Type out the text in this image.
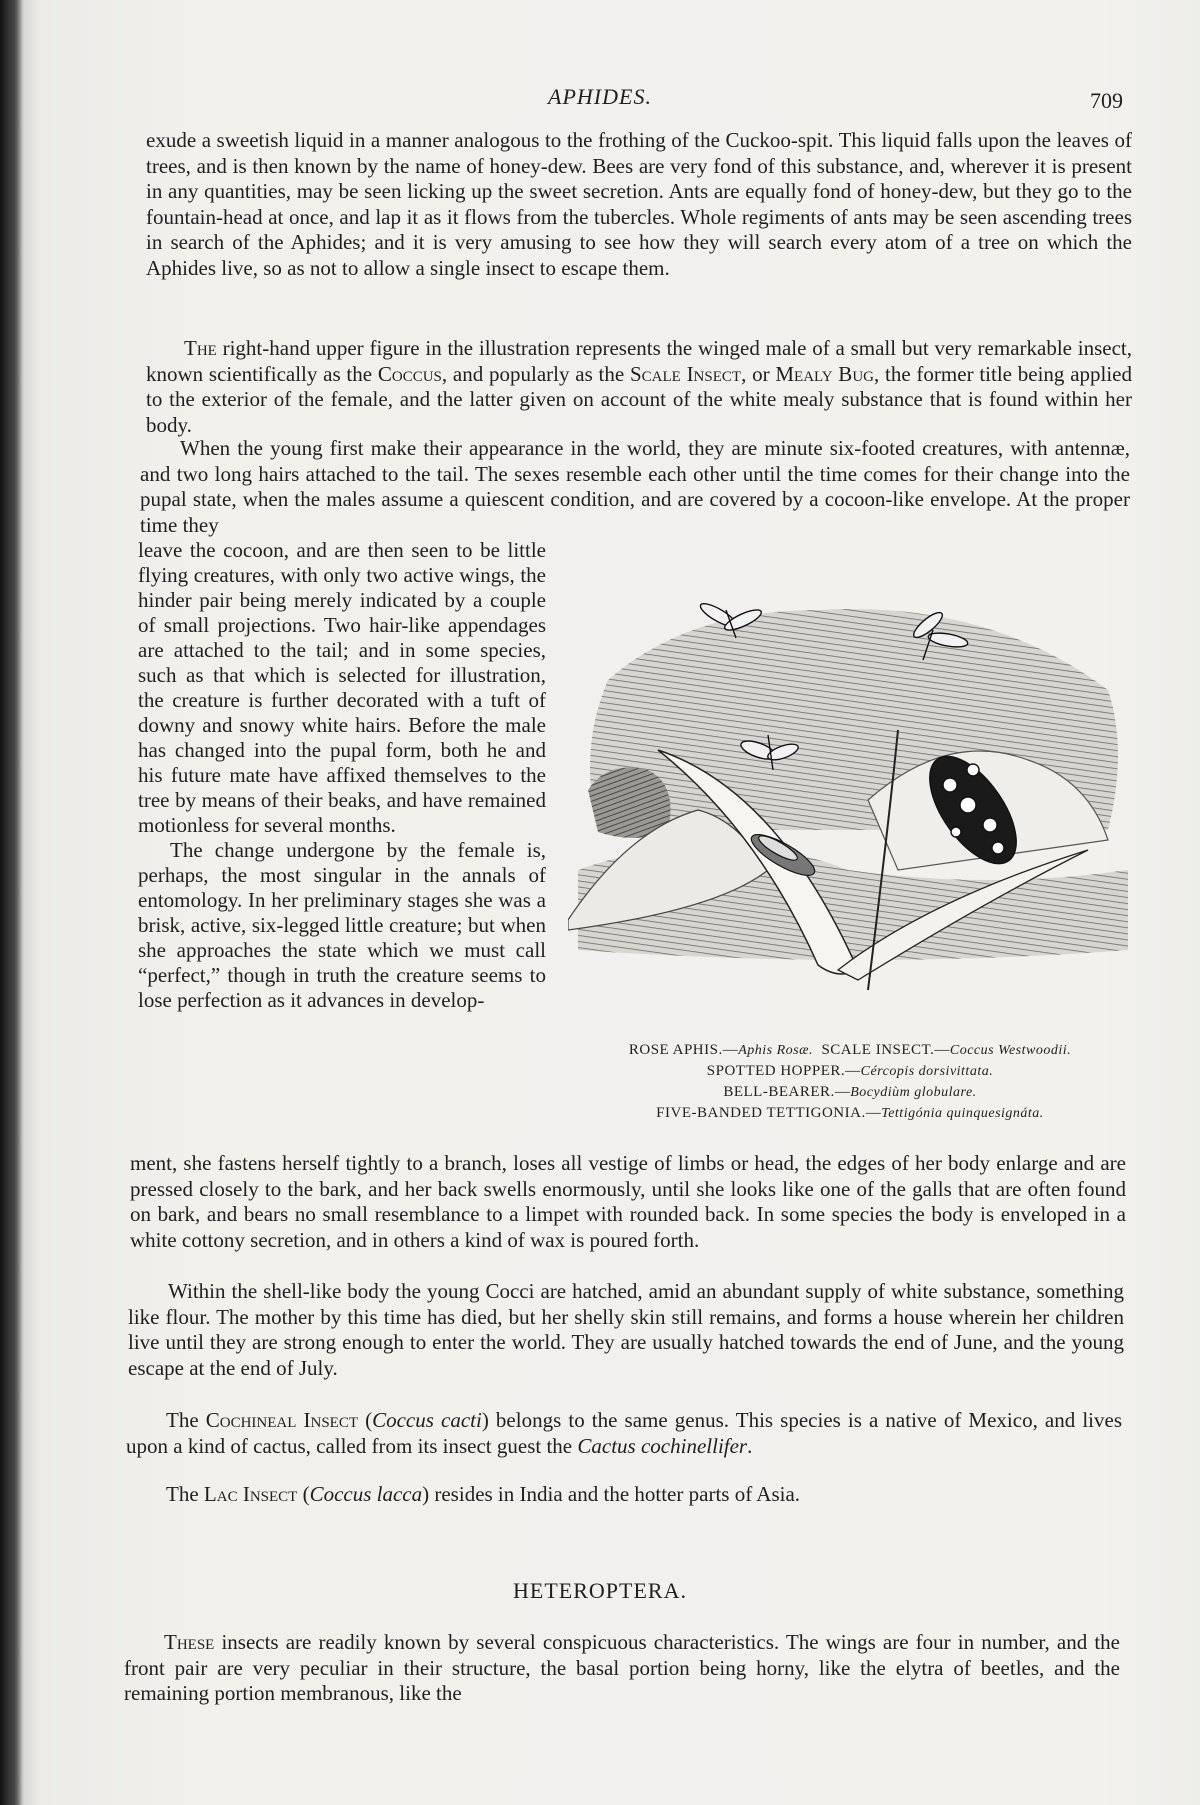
APHIDES.	709

exude a sweetish liquid in a manner analogous to the frothing of the Cuckoo-spit. This liquid falls upon the leaves of trees, and is then known by the name of honey-dew. Bees are very fond of this substance, and, wherever it is present in any quantities, may be seen licking up the sweet secretion. Ants are equally fond of honey-dew, but they go to the fountain-head at once, and lap it as it flows from the tubercles. Whole regiments of ants may be seen ascending trees in search of the Aphides; and it is very amusing to see how they will search every atom of a tree on which the Aphides live, so as not to allow a single insect to escape them.

The right-hand upper figure in the illustration represents the winged male of a small but very remarkable insect, known scientifically as the Coccus, and popularly as the Scale Insect, or Mealy Bug, the former title being applied to the exterior of the female, and the latter given on account of the white mealy substance that is found within her body.

When the young first make their appearance in the world, they are minute six-footed creatures, with antennæ, and two long hairs attached to the tail. The sexes resemble each other until the time comes for their change into the pupal state, when the males assume a quiescent condition, and are covered by a cocoon-like envelope. At the proper time they

leave the cocoon, and are then seen to be little flying creatures, with only two active wings, the hinder pair being merely indicated by a couple of small projections. Two hair-like appendages are attached to the tail; and in some species, such as that which is selected for illustration, the creature is further decorated with a tuft of downy and snowy white hairs. Before the male has changed into the pupal form, both he and his future mate have affixed themselves to the tree by means of their beaks, and have remained motionless for several months.

The change undergone by the female is, perhaps, the most singular in the annals of entomology. In her preliminary stages she was a brisk, active, six-legged little creature; but when she approaches the state which we must call “perfect,” though in truth the creature seems to lose perfection as it advances in develop-

ROSE APHIS.—Aphis Rosæ. SCALE INSECT.—Coccus Westwoodii.
SPOTTED HOPPER.—Cércopis dorsivittata.
BELL-BEARER.—Bocydiùm globulare.
FIVE-BANDED TETTIGONIA.—Tettigónia quinquesignáta.

ment, she fastens herself tightly to a branch, loses all vestige of limbs or head, the edges of her body enlarge and are pressed closely to the bark, and her back swells enormously, until she looks like one of the galls that are often found on bark, and bears no small resemblance to a limpet with rounded back. In some species the body is enveloped in a white cottony secretion, and in others a kind of wax is poured forth.

Within the shell-like body the young Cocci are hatched, amid an abundant supply of white substance, something like flour. The mother by this time has died, but her shelly skin still remains, and forms a house wherein her children live until they are strong enough to enter the world. They are usually hatched towards the end of June, and the young escape at the end of July.

The Cochineal Insect (Coccus cacti) belongs to the same genus. This species is a native of Mexico, and lives upon a kind of cactus, called from its insect guest the Cactus cochinellifer.

The Lac Insect (Coccus lacca) resides in India and the hotter parts of Asia.

HETEROPTERA.

These insects are readily known by several conspicuous characteristics. The wings are four in number, and the front pair are very peculiar in their structure, the basal portion being horny, like the elytra of beetles, and the remaining portion membranous, like the
